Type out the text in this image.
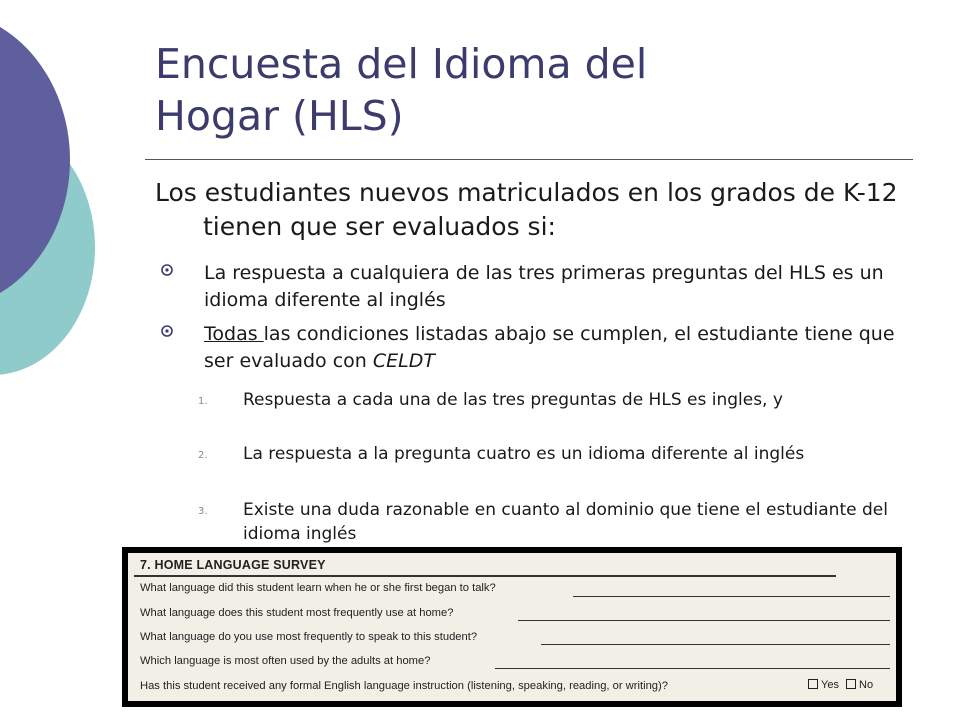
Encuesta del Idioma del
Hogar (HLS)

Los estudiantes nuevos matriculados en los grados de K-12 tienen que ser evaluados si:

La respuesta a cualquiera de las tres primeras preguntas del HLS es un idioma diferente al inglés
Todas las condiciones listadas abajo se cumplen, el estudiante tiene que ser evaluado con CELDT
1. Respuesta a cada una de las tres preguntas de HLS es ingles, y
2. La respuesta a la pregunta cuatro es un idioma diferente al inglés
3. Existe una duda razonable en cuanto al dominio que tiene el estudiante del idioma inglés
7. HOME LANGUAGE SURVEY
What language did this student learn when he or she first began to talk?
What language does this student most frequently use at home?
What language do you use most frequently to speak to this student?
Which language is most often used by the adults at home?
Has this student received any formal English language instruction (listening, speaking, reading, or writing)?	Yes	No
